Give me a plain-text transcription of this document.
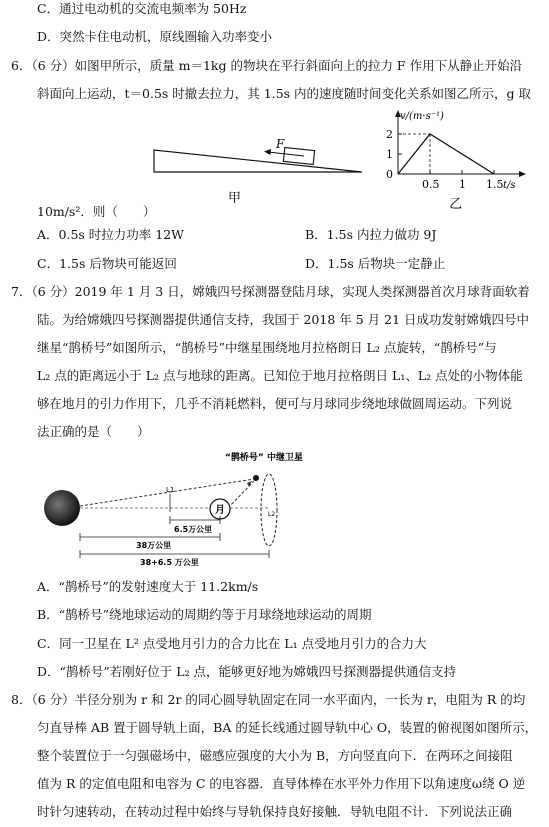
C．通过电动机的交流电频率为 50Hz
D．突然卡住电动机，原线圈输入功率变小
6．（6 分）如图甲所示，质量 m＝1kg 的物块在平行斜面向上的拉力 F 作用下从静止开始沿
斜面向上运动，t＝0.5s 时撤去拉力，其 1.5s 内的速度随时间变化关系如图乙所示，g 取
F
甲
v/(m·s⁻¹)
t/s
0
2
1
0.5 1 1.5
乙
10m/s²．则（　　）
A．0.5s 时拉力功率 12W	B．1.5s 内拉力做功 9J
C．1.5s 后物块可能返回	D．1.5s 后物块一定静止
7．（6 分）2019 年 1 月 3 日，嫦娥四号探测器登陆月球，实现人类探测器首次月球背面软着
陆。为给嫦娥四号探测器提供通信支持，我国于 2018 年 5 月 21 日成功发射嫦娥四号中
继星“鹊桥号”如图所示，“鹊桥号”中继星围绕地月拉格朗日 L₂ 点旋转，“鹊桥号”与
L₂ 点的距离远小于 L₂ 点与地球的距离。已知位于地月拉格朗日 L₁、L₂ 点处的小物体能
够在地月的引力作用下，几乎不消耗燃料，便可与月球同步绕地球做圆周运动。下列说
法正确的是（　　）
“鹊桥号” 中继卫星
月
L1
L2
6.5万公里
38万公里
38+6.5 万公里
A．“鹊桥号”的发射速度大于 11.2km/s
B．“鹊桥号”绕地球运动的周期约等于月球绕地球运动的周期
C．同一卫星在 L² 点受地月引力的合力比在 L₁ 点受地月引力的合力大
D．“鹊桥号”若刚好位于 L₂ 点，能够更好地为嫦娥四号探测器提供通信支持
8．（6 分）半径分别为 r 和 2r 的同心圆导轨固定在同一水平面内，一长为 r，电阻为 R 的均
匀直导棒 AB 置于圆导轨上面，BA 的延长线通过圆导轨中心 O，装置的俯视图如图所示，
整个装置位于一匀强磁场中，磁感应强度的大小为 B，方向竖直向下．在两环之间接阻
值为 R 的定值电阻和电容为 C 的电容器．直导体棒在水平外力作用下以角速度ω绕 O 逆
时针匀速转动，在转动过程中始终与导轨保持良好接触．导轨电阻不计．下列说法正确
